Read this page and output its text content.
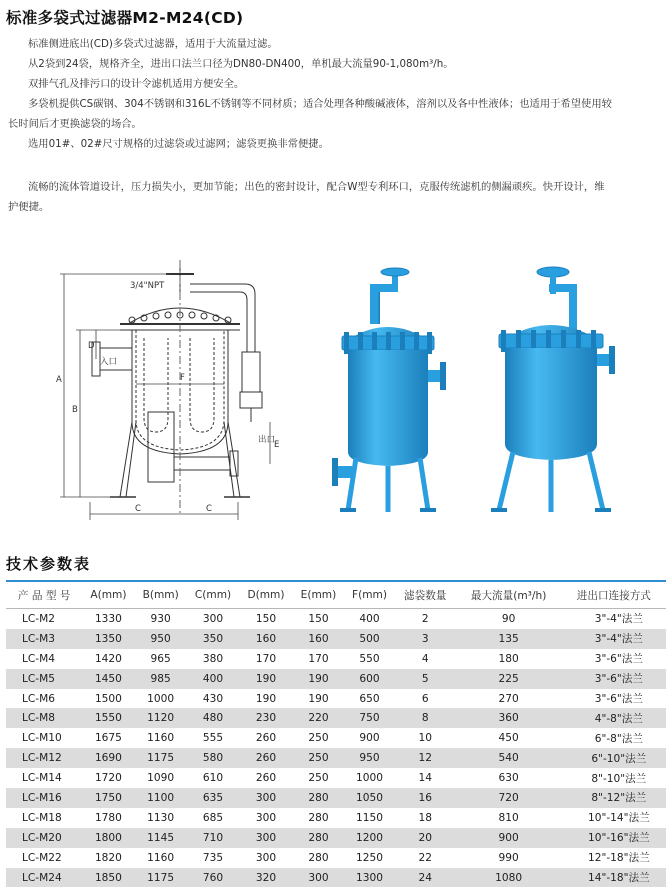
标准多袋式过滤器M2-M24(CD)

标准侧进底出(CD)多袋式过滤器，适用于大流量过滤。

从2袋到24袋，规格齐全，进出口法兰口径为DN80-DN400，单机最大流量90-1,080m³/h。

双排气孔及排污口的设计令滤机适用方便安全。

多袋机提供CS碳钢、304不锈钢和316L不锈钢等不同材质；适合处理各种酸碱液体，溶剂以及各中性液体；也适用于希望使用较

长时间后才更换滤袋的场合。

选用01#、02#尺寸规格的过滤袋或过滤网；滤袋更换非常便捷。

流畅的流体管道设计，压力损失小，更加节能；出色的密封设计，配合W型专利环口，克服传统滤机的侧漏顽疾。快开设计，维

护便捷。

3/4"NPT
入口
出口
A
B
D
F
C	C
E
技术参数表
产 品 型 号	A(mm)	B(mm)	C(mm)	D(mm)	E(mm)	F(mm)	滤袋数量	最大流量(m³/h)	进出口连接方式
LC-M2	1330	930	300	150	150	400	2	90	3"-4"法兰
LC-M3	1350	950	350	160	160	500	3	135	3"-4"法兰
LC-M4	1420	965	380	170	170	550	4	180	3"-6"法兰
LC-M5	1450	985	400	190	190	600	5	225	3"-6"法兰
LC-M6	1500	1000	430	190	190	650	6	270	3"-6"法兰
LC-M8	1550	1120	480	230	220	750	8	360	4"-8"法兰
LC-M10	1675	1160	555	260	250	900	10	450	6"-8"法兰
LC-M12	1690	1175	580	260	250	950	12	540	6"-10"法兰
LC-M14	1720	1090	610	260	250	1000	14	630	8"-10"法兰
LC-M16	1750	1100	635	300	280	1050	16	720	8"-12"法兰
LC-M18	1780	1130	685	300	280	1150	18	810	10"-14"法兰
LC-M20	1800	1145	710	300	280	1200	20	900	10"-16"法兰
LC-M22	1820	1160	735	300	280	1250	22	990	12"-18"法兰
LC-M24	1850	1175	760	320	300	1300	24	1080	14"-18"法兰
